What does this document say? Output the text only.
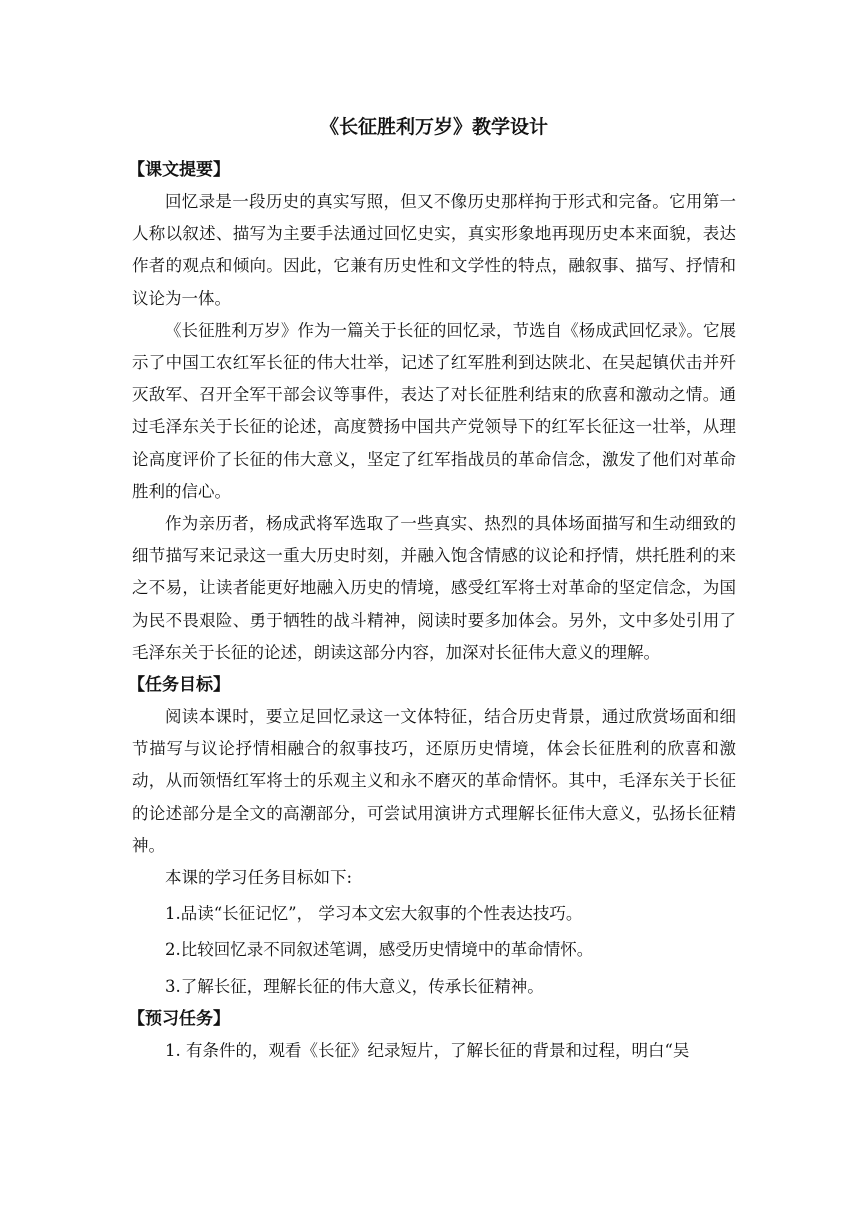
《长征胜利万岁》教学设计
【课文提要】

回忆录是一段历史的真实写照，但又不像历史那样拘于形式和完备。它用第一人称以叙述、描写为主要手法通过回忆史实，真实形象地再现历史本来面貌，表达作者的观点和倾向。因此，它兼有历史性和文学性的特点，融叙事、描写、抒情和议论为一体。

《长征胜利万岁》作为一篇关于长征的回忆录，节选自《杨成武回忆录》。它展示了中国工农红军长征的伟大壮举，记述了红军胜利到达陕北、在吴起镇伏击并歼灭敌军、召开全军干部会议等事件，表达了对长征胜利结束的欣喜和激动之情。通过毛泽东关于长征的论述，高度赞扬中国共产党领导下的红军长征这一壮举，从理论高度评价了长征的伟大意义，坚定了红军指战员的革命信念，激发了他们对革命胜利的信心。

作为亲历者，杨成武将军选取了一些真实、热烈的具体场面描写和生动细致的细节描写来记录这一重大历史时刻，并融入饱含情感的议论和抒情，烘托胜利的来之不易，让读者能更好地融入历史的情境，感受红军将士对革命的坚定信念，为国为民不畏艰险、勇于牺牲的战斗精神，阅读时要多加体会。另外，文中多处引用了毛泽东关于长征的论述，朗读这部分内容，加深对长征伟大意义的理解。

【任务目标】

阅读本课时，要立足回忆录这一文体特征，结合历史背景，通过欣赏场面和细节描写与议论抒情相融合的叙事技巧，还原历史情境，体会长征胜利的欣喜和激动，从而领悟红军将士的乐观主义和永不磨灭的革命情怀。其中，毛泽东关于长征的论述部分是全文的高潮部分，可尝试用演讲方式理解长征伟大意义，弘扬长征精神。

本课的学习任务目标如下:

1.品读“长征记忆”， 学习本文宏大叙事的个性表达技巧。

2.比较回忆录不同叙述笔调，感受历史情境中的革命情怀。

3.了解长征，理解长征的伟大意义，传承长征精神。

【预习任务】

1. 有条件的，观看《长征》纪录短片，了解长征的背景和过程，明白“吴
